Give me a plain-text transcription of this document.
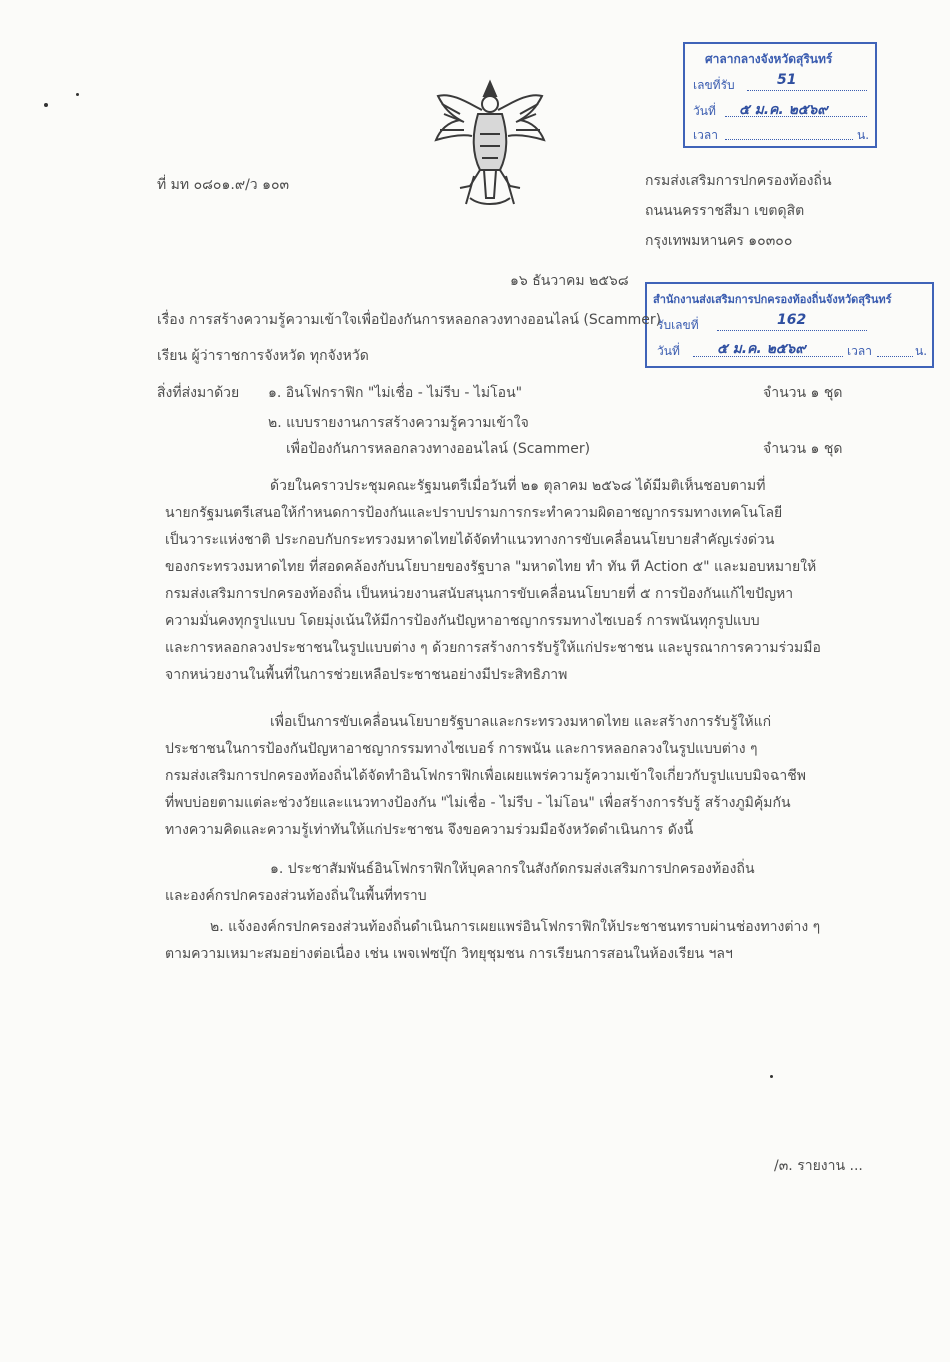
ที่ มท ๐๘๐๑.๙/ว ๑๐๓	กรมส่งเสริมการปกครองท้องถิ่น
ถนนนครราชสีมา เขตดุสิต
กรุงเทพมหานคร ๑๐๓๐๐
ศาลากลางจังหวัดสุรินทร์
เลขที่รับ	51
วันที่ ๕ ม.ค. ๒๕๖๙
เวลา	น.
๑๖ ธันวาคม ๒๕๖๘
สำนักงานส่งเสริมการปกครองท้องถิ่นจังหวัดสุรินทร์
รับเลขที่	162
วันที่	๕ ม.ค. ๒๕๖๙	เวลา	น.
เรื่อง การสร้างความรู้ความเข้าใจเพื่อป้องกันการหลอกลวงทางออนไลน์ (Scammer)
เรียน ผู้ว่าราชการจังหวัด ทุกจังหวัด
สิ่งที่ส่งมาด้วย ๑. อินโฟกราฟิก "ไม่เชื่อ - ไม่รีบ - ไม่โอน"	จำนวน ๑ ชุด
๒. แบบรายงานการสร้างความรู้ความเข้าใจ
เพื่อป้องกันการหลอกลวงทางออนไลน์ (Scammer)	จำนวน ๑ ชุด
ด้วยในคราวประชุมคณะรัฐมนตรีเมื่อวันที่ ๒๑ ตุลาคม ๒๕๖๘ ได้มีมติเห็นชอบตามที่
นายกรัฐมนตรีเสนอให้กำหนดการป้องกันและปราบปรามการกระทำความผิดอาชญากรรมทางเทคโนโลยี
เป็นวาระแห่งชาติ ประกอบกับกระทรวงมหาดไทยได้จัดทำแนวทางการขับเคลื่อนนโยบายสำคัญเร่งด่วน
ของกระทรวงมหาดไทย ที่สอดคล้องกับนโยบายของรัฐบาล "มหาดไทย ทำ ทัน ที Action ๕" และมอบหมายให้
กรมส่งเสริมการปกครองท้องถิ่น เป็นหน่วยงานสนับสนุนการขับเคลื่อนนโยบายที่ ๕ การป้องกันแก้ไขปัญหา
ความมั่นคงทุกรูปแบบ โดยมุ่งเน้นให้มีการป้องกันปัญหาอาชญากรรมทางไซเบอร์ การพนันทุกรูปแบบ
และการหลอกลวงประชาชนในรูปแบบต่าง ๆ ด้วยการสร้างการรับรู้ให้แก่ประชาชน และบูรณาการความร่วมมือ
จากหน่วยงานในพื้นที่ในการช่วยเหลือประชาชนอย่างมีประสิทธิภาพ
เพื่อเป็นการขับเคลื่อนนโยบายรัฐบาลและกระทรวงมหาดไทย และสร้างการรับรู้ให้แก่
ประชาชนในการป้องกันปัญหาอาชญากรรมทางไซเบอร์ การพนัน และการหลอกลวงในรูปแบบต่าง ๆ
กรมส่งเสริมการปกครองท้องถิ่นได้จัดทำอินโฟกราฟิกเพื่อเผยแพร่ความรู้ความเข้าใจเกี่ยวกับรูปแบบมิจฉาชีพ
ที่พบบ่อยตามแต่ละช่วงวัยและแนวทางป้องกัน "ไม่เชื่อ - ไม่รีบ - ไม่โอน" เพื่อสร้างการรับรู้ สร้างภูมิคุ้มกัน
ทางความคิดและความรู้เท่าทันให้แก่ประชาชน จึงขอความร่วมมือจังหวัดดำเนินการ ดังนี้
๑. ประชาสัมพันธ์อินโฟกราฟิกให้บุคลากรในสังกัดกรมส่งเสริมการปกครองท้องถิ่น
และองค์กรปกครองส่วนท้องถิ่นในพื้นที่ทราบ
๒. แจ้งองค์กรปกครองส่วนท้องถิ่นดำเนินการเผยแพร่อินโฟกราฟิกให้ประชาชนทราบผ่านช่องทางต่าง ๆ
ตามความเหมาะสมอย่างต่อเนื่อง เช่น เพจเฟซบุ๊ก วิทยุชุมชน การเรียนการสอนในห้องเรียน ฯลฯ
/๓. รายงาน ...
